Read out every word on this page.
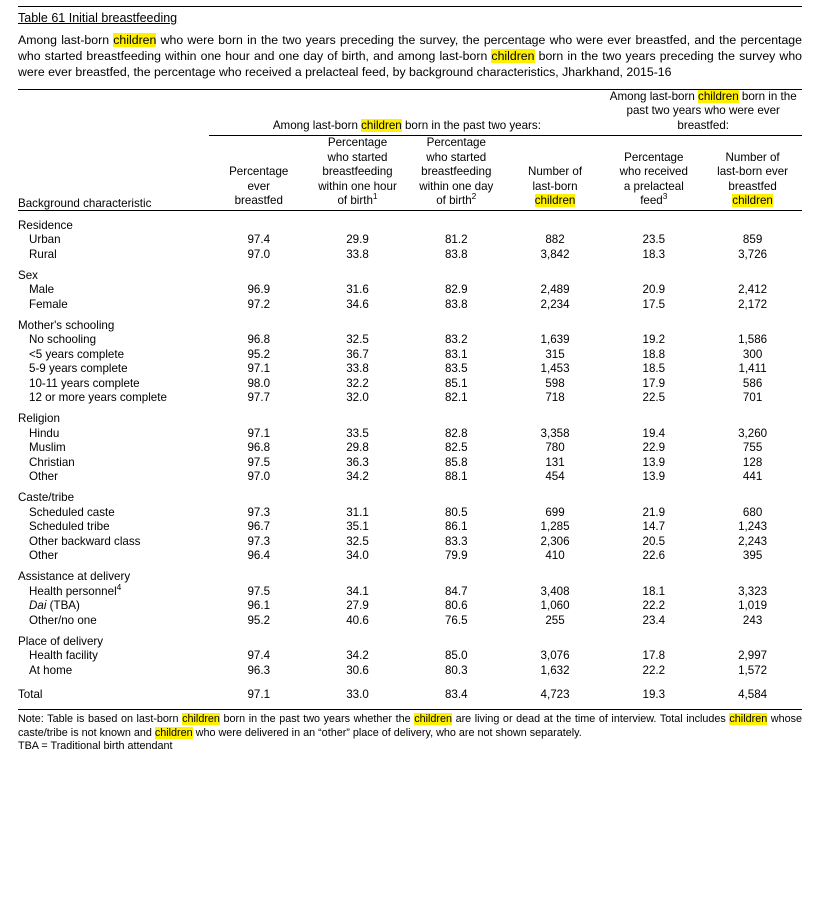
Table 61 Initial breastfeeding
Among last-born children who were born in the two years preceding the survey, the percentage who were ever breastfed, and the percentage who started breastfeeding within one hour and one day of birth, and among last-born children born in the two years preceding the survey who were ever breastfed, the percentage who received a prelacteal feed, by background characteristics, Jharkhand, 2015-16
	Among last-born children born in the past two years:				Among last-born children born in the past two years who were ever breastfed:	
Background characteristic	Percentage
ever
breastfed	Percentage
who started
breastfeeding
within one hour
of birth$^1$	Percentage
who started
breastfeeding
within one day
of birth$^2$	Number of
last-born
children	Percentage
who received
a prelacteal
feed$^3$	Number of
last-born ever
breastfed
children
Residence						
Urban	97.4	29.9	81.2	882	23.5	859
Rural	97.0	33.8	83.8	3,842	18.3	3,726
Sex						
Male	96.9	31.6	82.9	2,489	20.9	2,412
Female	97.2	34.6	83.8	2,234	17.5	2,172
Mother's schooling						
No schooling	96.8	32.5	83.2	1,639	19.2	1,586
<5 years complete	95.2	36.7	83.1	315	18.8	300
5-9 years complete	97.1	33.8	83.5	1,453	18.5	1,411
10-11 years complete	98.0	32.2	85.1	598	17.9	586
12 or more years complete	97.7	32.0	82.1	718	22.5	701
Religion						
Hindu	97.1	33.5	82.8	3,358	19.4	3,260
Muslim	96.8	29.8	82.5	780	22.9	755
Christian	97.5	36.3	85.8	131	13.9	128
Other	97.0	34.2	88.1	454	13.9	441
Caste/tribe						
Scheduled caste	97.3	31.1	80.5	699	21.9	680
Scheduled tribe	96.7	35.1	86.1	1,285	14.7	1,243
Other backward class	97.3	32.5	83.3	2,306	20.5	2,243
Other	96.4	34.0	79.9	410	22.6	395
Assistance at delivery						
Health personnel$^4$	97.5	34.1	84.7	3,408	18.1	3,323
Dai (TBA)	96.1	27.9	80.6	1,060	22.2	1,019
Other/no one	95.2	40.6	76.5	255	23.4	243
Place of delivery						
Health facility	97.4	34.2	85.0	3,076	17.8	2,997
At home	96.3	30.6	80.3	1,632	22.2	1,572
Total	97.1	33.0	83.4	4,723	19.3	4,584
Note: Table is based on last-born children born in the past two years whether the children are living or dead at the time of interview. Total includes children whose caste/tribe is not known and children who were delivered in an “other” place of delivery, who are not shown separately.
TBA = Traditional birth attendant
